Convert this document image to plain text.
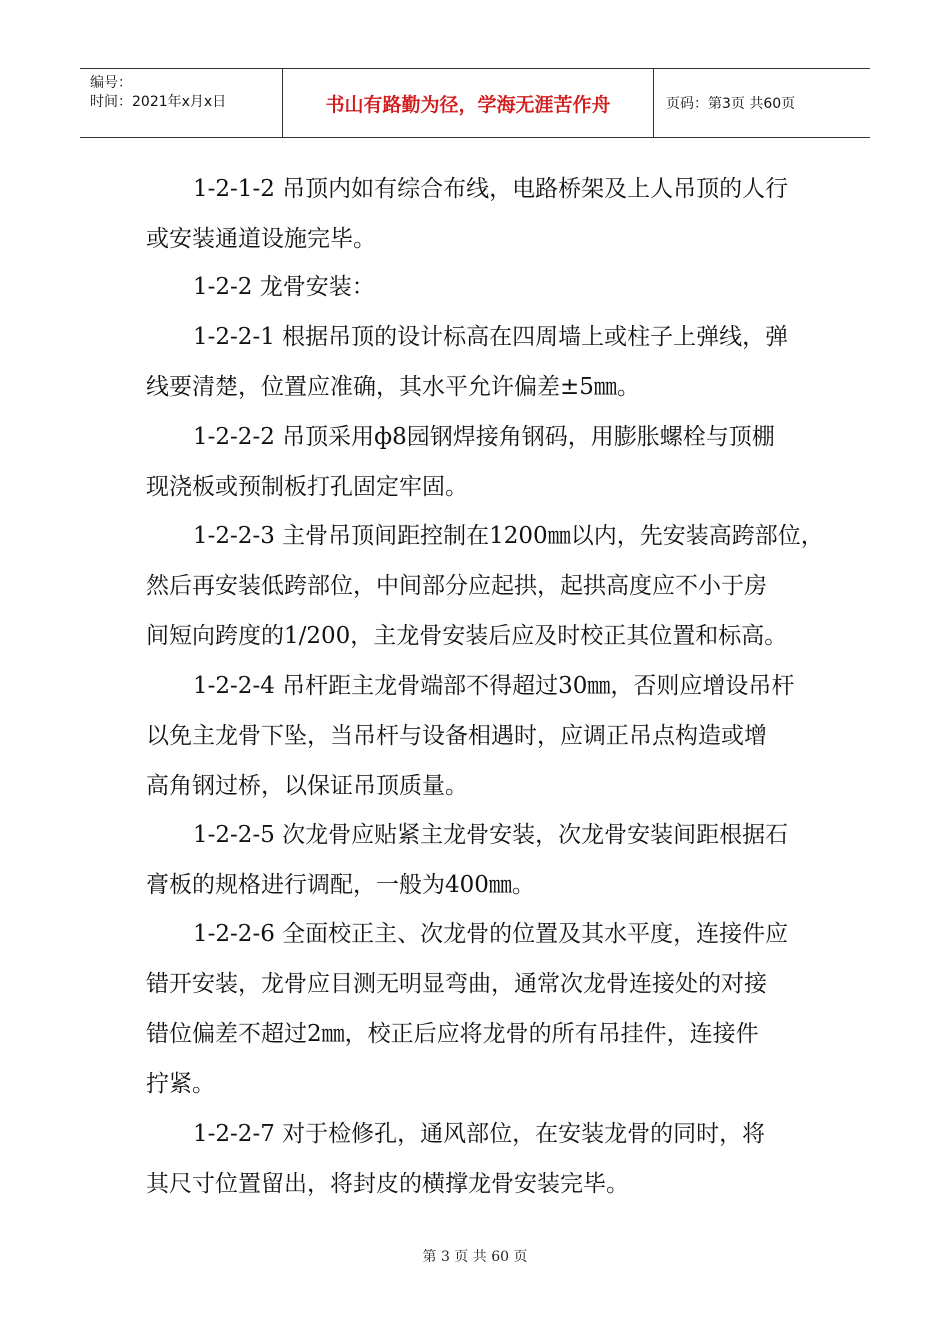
编号：
时间：2021年x月x日	书山有路勤为径，学海无涯苦作舟	页码：第3页 共60页
1-2-1-2 吊顶内如有综合布线，电路桥架及上人吊顶的人行
或安装通道设施完毕。
1-2-2 龙骨安装：
1-2-2-1 根据吊顶的设计标高在四周墙上或柱子上弹线，弹
线要清楚，位置应准确，其水平允许偏差±5㎜。
1-2-2-2 吊顶采用ф8园钢焊接角钢码，用膨胀螺栓与顶棚
现浇板或预制板打孔固定牢固。
1-2-2-3 主骨吊顶间距控制在1200㎜以内，先安装高跨部位，
然后再安装低跨部位，中间部分应起拱，起拱高度应不小于房
间短向跨度的1/200，主龙骨安装后应及时校正其位置和标高。
1-2-2-4 吊杆距主龙骨端部不得超过30㎜，否则应增设吊杆
以免主龙骨下坠，当吊杆与设备相遇时，应调正吊点构造或增
高角钢过桥，以保证吊顶质量。
1-2-2-5 次龙骨应贴紧主龙骨安装，次龙骨安装间距根据石
膏板的规格进行调配，一般为400㎜。
1-2-2-6 全面校正主、次龙骨的位置及其水平度，连接件应
错开安装，龙骨应目测无明显弯曲，通常次龙骨连接处的对接
错位偏差不超过2㎜，校正后应将龙骨的所有吊挂件，连接件
拧紧。
1-2-2-7 对于检修孔，通风部位，在安装龙骨的同时，将
其尺寸位置留出，将封皮的横撑龙骨安装完毕。
第 3 页 共 60 页
